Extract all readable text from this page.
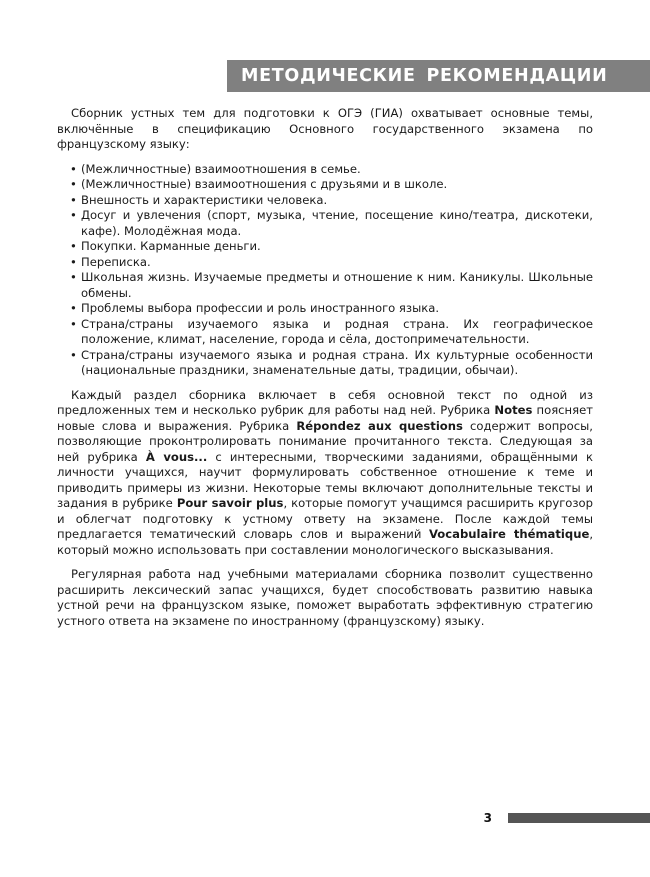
МЕТОДИЧЕСКИЕ РЕКОМЕНДАЦИИ

Сборник устных тем для подготовки к ОГЭ (ГИА) охватывает основные темы, включённые в спецификацию Основного государственного экзамена по французскому языку:

• (Межличностные) взаимоотношения в семье.
• (Межличностные) взаимоотношения с друзьями и в школе.
• Внешность и характеристики человека.
• Досуг и увлечения (спорт, музыка, чтение, посещение кино/театра, дискотеки, кафе). Молодёжная мода.
• Покупки. Карманные деньги.
• Переписка.
• Школьная жизнь. Изучаемые предметы и отношение к ним. Каникулы. Школьные обмены.
• Проблемы выбора профессии и роль иностранного языка.
• Страна/страны изучаемого языка и родная страна. Их географическое положение, климат, население, города и сёла, достопримечательности.
• Страна/страны изучаемого языка и родная страна. Их культурные особенности (национальные праздники, знаменательные даты, традиции, обычаи).

Каждый раздел сборника включает в себя основной текст по одной из предложенных тем и несколько рубрик для работы над ней. Рубрика Notes поясняет новые слова и выражения. Рубрика Répondez aux questions содержит вопросы, позволяющие проконтролировать понимание прочитанного текста. Следующая за ней рубрика À vous... с интересными, творческими заданиями, обращёнными к личности учащихся, научит формулировать собственное отношение к теме и приводить примеры из жизни. Некоторые темы включают дополнительные тексты и задания в рубрике Pour savoir plus, которые помогут учащимся расширить кругозор и облегчат подготовку к устному ответу на экзамене. После каждой темы предлагается тематический словарь слов и выражений Vocabulaire thématique, который можно использовать при составлении монологического высказывания.

Регулярная работа над учебными материалами сборника позволит существенно расширить лексический запас учащихся, будет способствовать развитию навыка устной речи на французском языке, поможет выработать эффективную стратегию устного ответа на экзамене по иностранному (французскому) языку.

3
